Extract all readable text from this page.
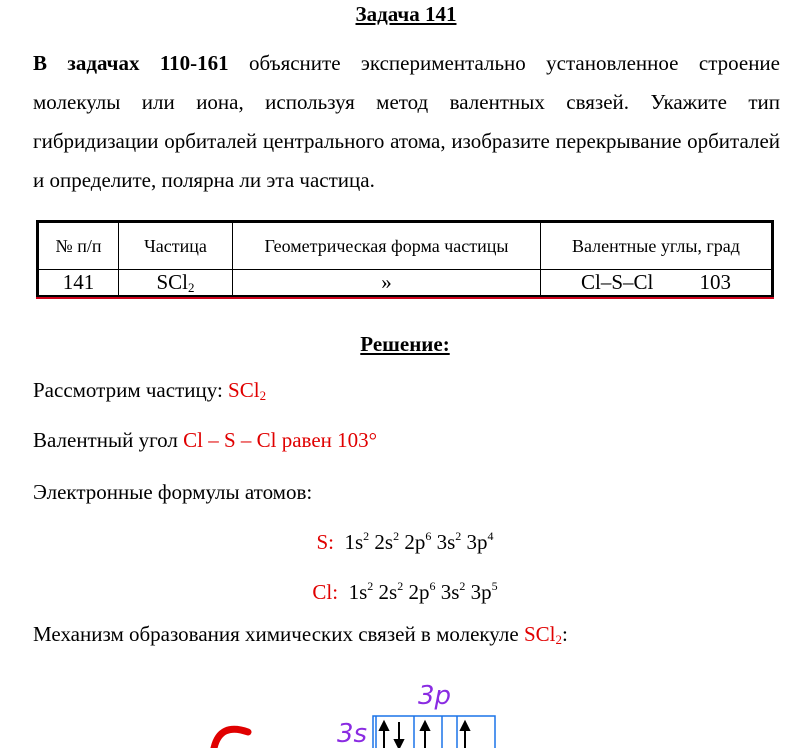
Задача 141
В задачах 110-161 объясните экспериментально установленное строение молекулы или иона, используя метод валентных связей. Укажите тип гибридизации орбиталей центрального атома, изобразите перекрывание орбиталей и определите, полярна ли эта частица.
№ п/п	Частица	Геометрическая форма частицы	Валентные углы, град
141	SCl$_2$	»	Cl–S–Cl 103
Решение:
Рассмотрим частицу: SCl$_2$
Валентный угол Cl – S – Cl равен 103°
Электронные формулы атомов:
S: $1s^2$ $2s^2$ $2p^6$ $3s^2$ $3p^4$
Cl: $1s^2$ $2s^2$ $2p^6$ $3s^2$ $3p^5$
Механизм образования химических связей в молекуле SCl$_2$:
3p
3s
